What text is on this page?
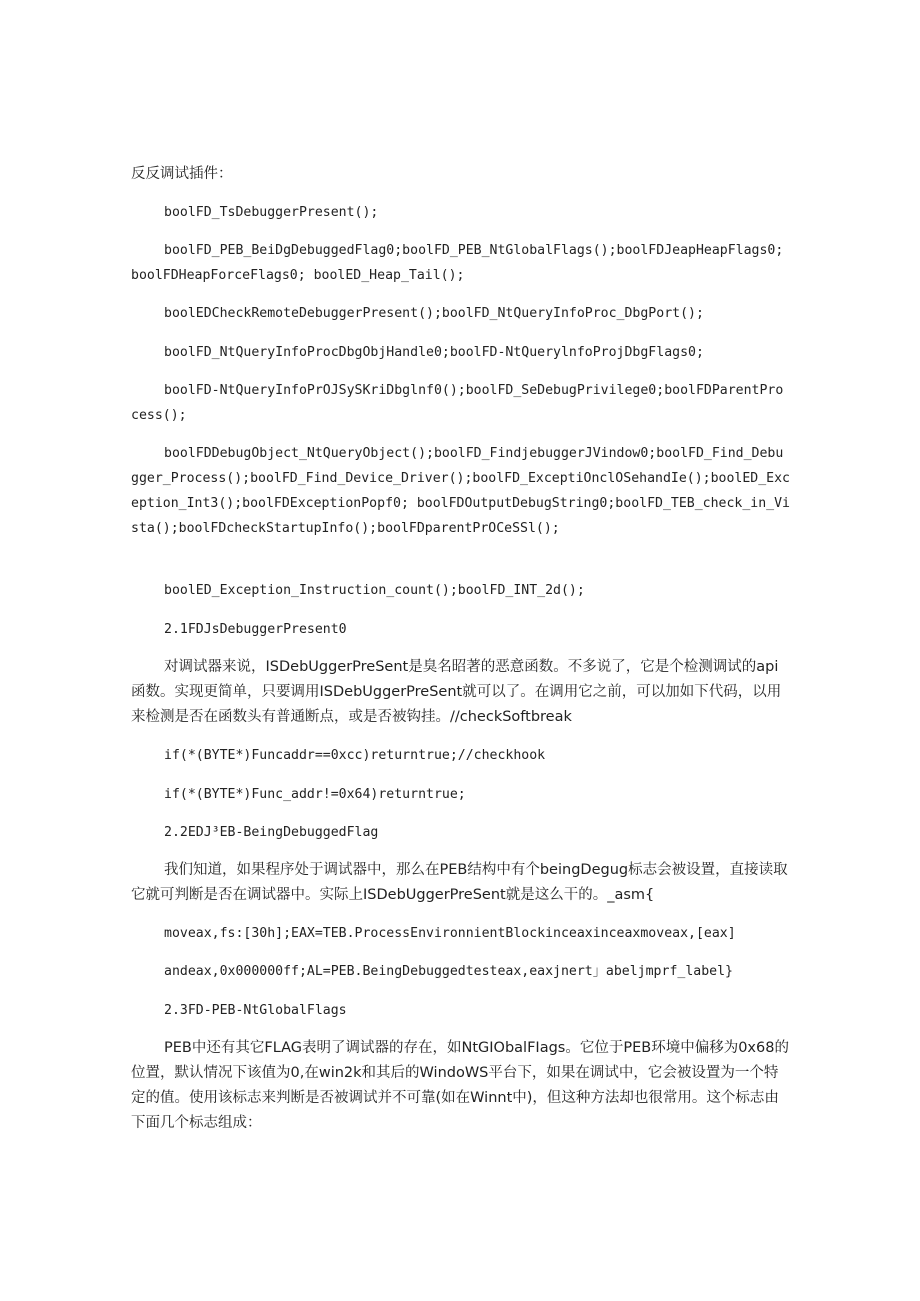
反反调试插件：

boolFD_TsDebuggerPresent();

boolFD_PEB_BeiDgDebuggedFlag0;boolFD_PEB_NtGlobalFlags();boolFDJeapHeapFlags0;boolFDHeapForceFlags0; boolED_Heap_Tail();

boolEDCheckRemoteDebuggerPresent();boolFD_NtQueryInfoProc_DbgPort();

boolFD_NtQueryInfoProcDbgObjHandle0;boolFD-NtQuerylnfoProjDbgFlags0;

boolFD-NtQueryInfoPrOJSySKriDbglnf0();boolFD_SeDebugPrivilege0;boolFDParentProcess();

boolFDDebugObject_NtQueryObject();boolFD_FindjebuggerJVindow0;boolFD_Find_Debugger_Process();boolFD_Find_Device_Driver();boolFD_ExceptiOnclOSehandIe();boolED_Exception_Int3();boolFDExceptionPopf0; boolFDOutputDebugString0;boolFD_TEB_check_in_Vista();boolFDcheckStartupInfo();boolFDparentPrOCeSSl();

boolED_Exception_Instruction_count();boolFD_INT_2d();

2.1FDJsDebuggerPresent0

对调试器来说，ISDebUggerPreSent是臭名昭著的恶意函数。不多说了，它是个检测调试的api函数。实现更简单，只要调用ISDebUggerPreSent就可以了。在调用它之前，可以加如下代码，以用来检测是否在函数头有普通断点，或是否被钩挂。//checkSoftbreak

if(*(BYTE*)Funcaddr==0xcc)returntrue;//checkhook

if(*(BYTE*)Func_addr!=0x64)returntrue;

2.2EDJ³EB-BeingDebuggedFlag

我们知道，如果程序处于调试器中，那么在PEB结构中有个beingDegug标志会被设置，直接读取它就可判断是否在调试器中。实际上ISDebUggerPreSent就是这么干的。_asm{

moveax,fs:[30h];EAX=TEB.ProcessEnvironnientBlockinceaxinceaxmoveax,[eax]

andeax,0x000000ff;AL=PEB.BeingDebuggedtesteax,eaxjnert」abeljmprf_label}

2.3FD-PEB-NtGlobalFlags

PEB中还有其它FLAG表明了调试器的存在，如NtGIObalFIags。它位于PEB环境中偏移为0x68的位置，默认情况下该值为0,在win2k和其后的WindoWS平台下，如果在调试中，它会被设置为一个特定的值。使用该标志来判断是否被调试并不可靠(如在Winnt中)，但这种方法却也很常用。这个标志由下面几个标志组成：
